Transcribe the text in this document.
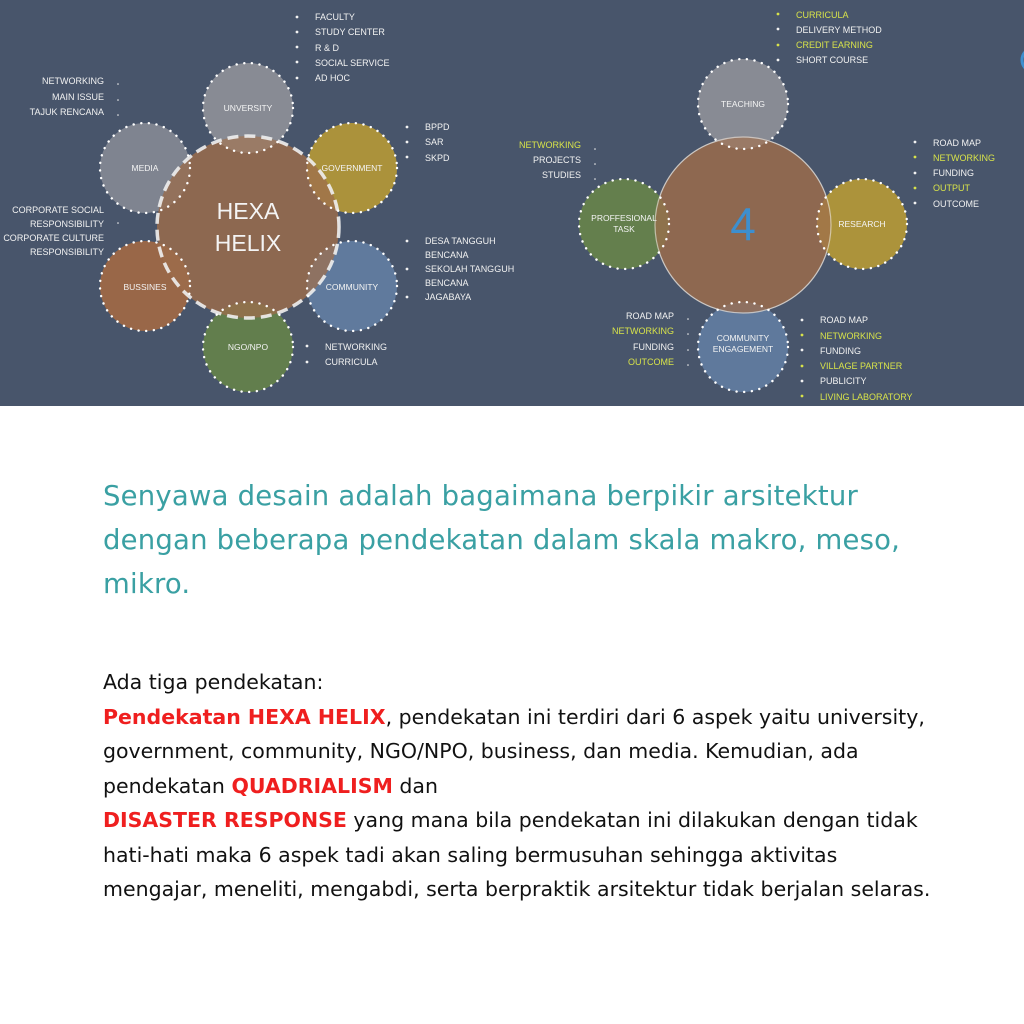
HEXA
HELIX
UNVERSITY
GOVERNMENT
COMMUNITY
NGO/NPO
BUSSINES
MEDIA
FACULTY
STUDY CENTER
R & D
SOCIAL SERVICE
AD HOC
BPPD
SAR
SKPD
DESA TANGGUH BENCANA
SEKOLAH TANGGUH BENCANA
JAGABAYA
NETWORKING
CURRICULA
CORPORATE SOCIAL RESPONSIBILITY
CORPORATE CULTURE RESPONSIBILITY
NETWORKING
MAIN ISSUE
TAJUK RENCANA
4
TEACHING
RESEARCH
COMMUNITY
ENGAGEMENT
PROFFESIONAL
TASK
CURRICULA
DELIVERY METHOD
CREDIT EARNING
SHORT COURSE
ROAD MAP
NETWORKING
FUNDING
OUTPUT
OUTCOME
ROAD MAP
NETWORKING
FUNDING
OUTCOME
ROAD MAP
NETWORKING
FUNDING
VILLAGE PARTNER
PUBLICITY
LIVING LABORATORY
NETWORKING
PROJECTS
STUDIES
Senyawa desain adalah bagaimana berpikir arsitektur dengan beberapa pendekatan dalam skala makro, meso, mikro.
Ada tiga pendekatan:
Pendekatan HEXA HELIX, pendekatan ini terdiri dari 6 aspek yaitu university, government, community, NGO/NPO, business, dan media. Kemudian, ada pendekatan QUADRIALISM dan
DISASTER RESPONSE yang mana bila pendekatan ini dilakukan dengan tidak hati-hati maka 6 aspek tadi akan saling bermusuhan sehingga aktivitas mengajar, meneliti, mengabdi, serta berpraktik arsitektur tidak berjalan selaras.
